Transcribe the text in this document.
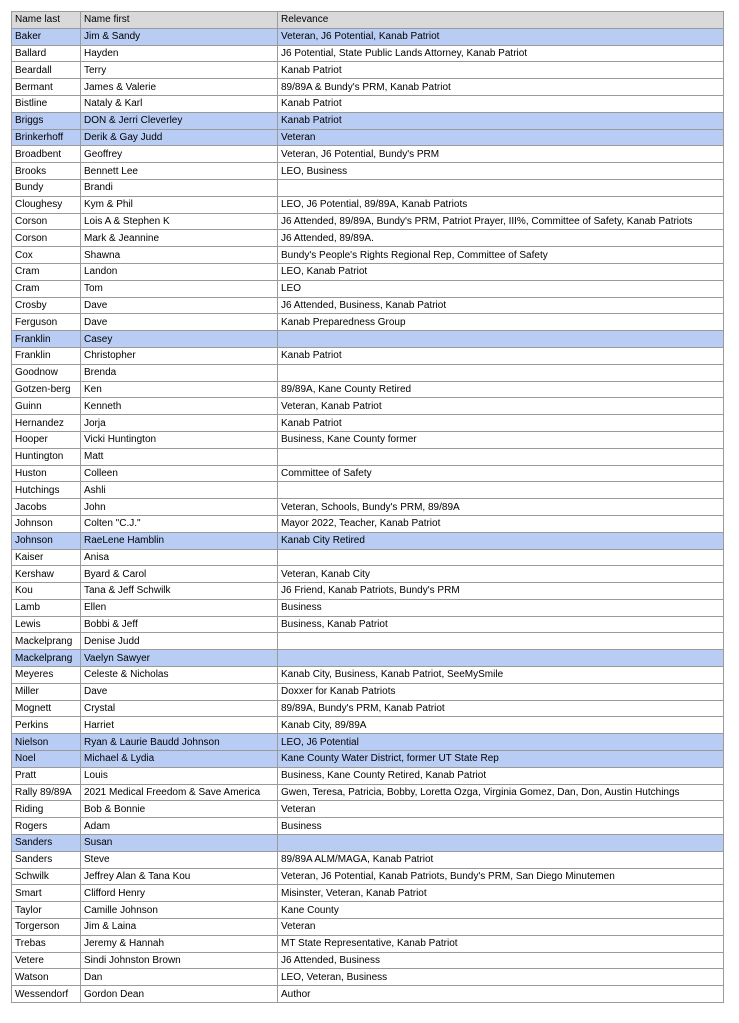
Name last	Name first	Relevance
Baker	Jim & Sandy	Veteran, J6 Potential, Kanab Patriot
Ballard	Hayden	J6 Potential, State Public Lands Attorney, Kanab Patriot
Beardall	Terry	Kanab Patriot
Bermant	James & Valerie	89/89A & Bundy's PRM, Kanab Patriot
Bistline	Nataly & Karl	Kanab Patriot
Briggs	DON & Jerri Cleverley	Kanab Patriot
Brinkerhoff	Derik & Gay Judd	Veteran
Broadbent	Geoffrey	Veteran, J6 Potential, Bundy's PRM
Brooks	Bennett Lee	LEO, Business
Bundy	Brandi	
Cloughesy	Kym & Phil	LEO, J6 Potential, 89/89A, Kanab Patriots
Corson	Lois A & Stephen K	J6 Attended, 89/89A, Bundy's PRM, Patriot Prayer, III%, Committee of Safety, Kanab Patriots
Corson	Mark & Jeannine	J6 Attended, 89/89A.
Cox	Shawna	Bundy's People's Rights Regional Rep, Committee of Safety
Cram	Landon	LEO, Kanab Patriot
Cram	Tom	LEO
Crosby	Dave	J6 Attended, Business, Kanab Patriot
Ferguson	Dave	Kanab Preparedness Group
Franklin	Casey	
Franklin	Christopher	Kanab Patriot
Goodnow	Brenda	
Gotzen-berg	Ken	89/89A, Kane County Retired
Guinn	Kenneth	Veteran, Kanab Patriot
Hernandez	Jorja	Kanab Patriot
Hooper	Vicki Huntington	Business, Kane County former
Huntington	Matt	
Huston	Colleen	Committee of Safety
Hutchings	Ashli	
Jacobs	John	Veteran, Schools, Bundy's PRM, 89/89A
Johnson	Colten "C.J."	Mayor 2022, Teacher, Kanab Patriot
Johnson	RaeLene Hamblin	Kanab City Retired
Kaiser	Anisa	
Kershaw	Byard & Carol	Veteran, Kanab City
Kou	Tana & Jeff Schwilk	J6 Friend, Kanab Patriots, Bundy's PRM
Lamb	Ellen	Business
Lewis	Bobbi & Jeff	Business, Kanab Patriot
Mackelprang	Denise Judd	
Mackelprang	Vaelyn Sawyer	
Meyeres	Celeste & Nicholas	Kanab City, Business, Kanab Patriot, SeeMySmile
Miller	Dave	Doxxer for Kanab Patriots
Mognett	Crystal	89/89A, Bundy's PRM, Kanab Patriot
Perkins	Harriet	Kanab City, 89/89A
Nielson	Ryan & Laurie Baudd Johnson	LEO, J6 Potential
Noel	Michael & Lydia	Kane County Water District, former UT State Rep
Pratt	Louis	Business, Kane County Retired, Kanab Patriot
Rally 89/89A	2021 Medical Freedom & Save America	Gwen, Teresa, Patricia, Bobby, Loretta Ozga, Virginia Gomez, Dan, Don, Austin Hutchings
Riding	Bob & Bonnie	Veteran
Rogers	Adam	Business
Sanders	Susan	
Sanders	Steve	89/89A ALM/MAGA, Kanab Patriot
Schwilk	Jeffrey Alan & Tana Kou	Veteran, J6 Potential, Kanab Patriots, Bundy's PRM, San Diego Minutemen
Smart	Clifford Henry	Misinster, Veteran, Kanab Patriot
Taylor	Camille Johnson	Kane County
Torgerson	Jim & Laina	Veteran
Trebas	Jeremy & Hannah	MT State Representative, Kanab Patriot
Vetere	Sindi Johnston Brown	J6 Attended, Business
Watson	Dan	LEO, Veteran, Business
Wessendorf	Gordon Dean	Author
